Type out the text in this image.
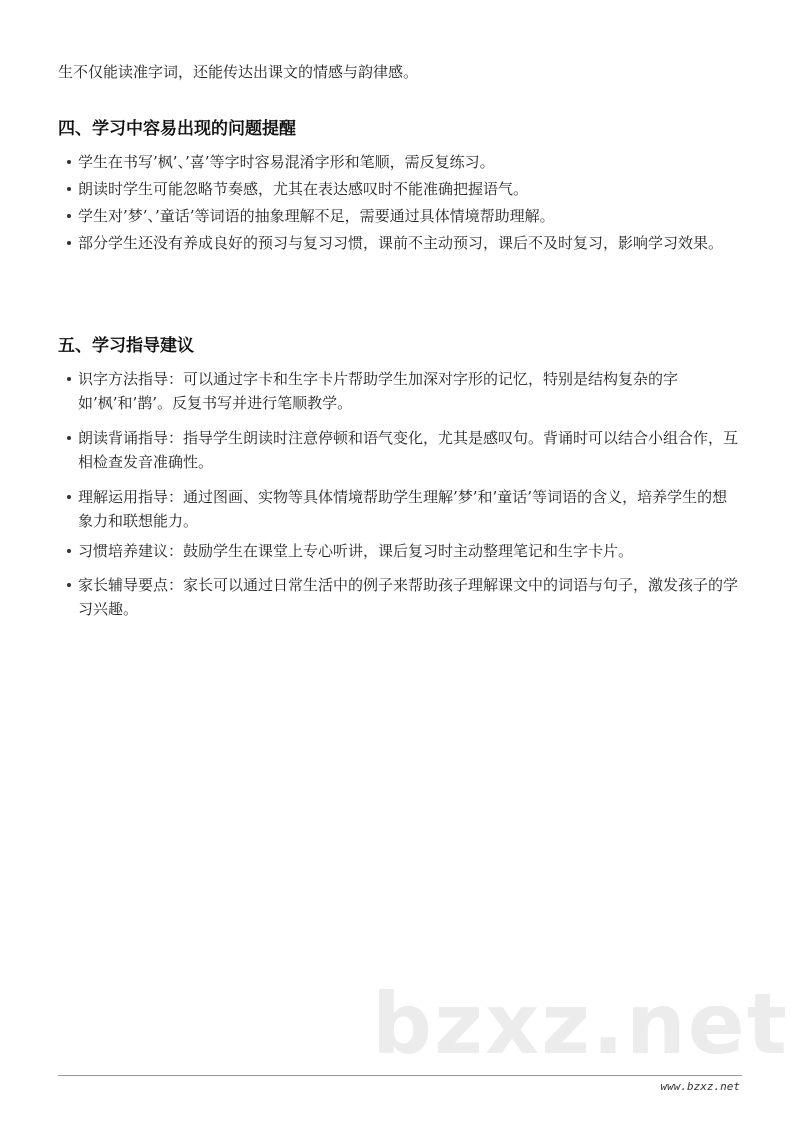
生不仅能读准字词，还能传达出课文的情感与韵律感。
四、学习中容易出现的问题提醒
学生在书写’枫’、’喜’等字时容易混淆字形和笔顺，需反复练习。
朗读时学生可能忽略节奏感，尤其在表达感叹时不能准确把握语气。
学生对’梦’、’童话’等词语的抽象理解不足，需要通过具体情境帮助理解。
部分学生还没有养成良好的预习与复习习惯，课前不主动预习，课后不及时复习，影响学习效果。
五、学习指导建议
识字方法指导：可以通过字卡和生字卡片帮助学生加深对字形的记忆，特别是结构复杂的字如’枫’和’鹊’。反复书写并进行笔顺教学。
朗读背诵指导：指导学生朗读时注意停顿和语气变化，尤其是感叹句。背诵时可以结合小组合作，互相检查发音准确性。
理解运用指导：通过图画、实物等具体情境帮助学生理解’梦’和’童话’等词语的含义，培养学生的想象力和联想能力。
习惯培养建议：鼓励学生在课堂上专心听讲，课后复习时主动整理笔记和生字卡片。
家长辅导要点：家长可以通过日常生活中的例子来帮助孩子理解课文中的词语与句子，激发孩子的学习兴趣。
bzxz.net
www.bzxz.net
